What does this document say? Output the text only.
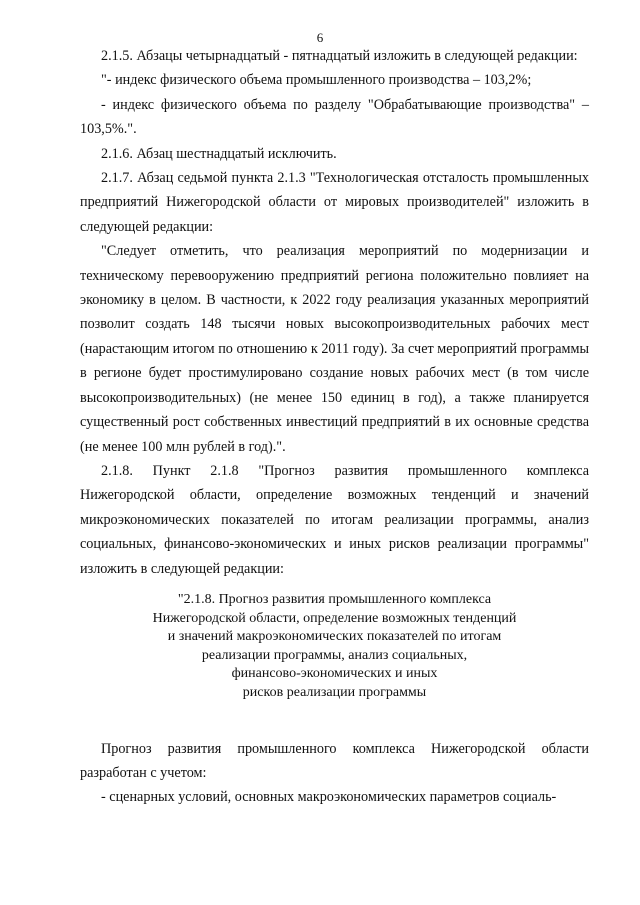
6

2.1.5. Абзацы четырнадцатый - пятнадцатый изложить в следующей редакции:

"- индекс физического объема промышленного производства – 103,2%;

- индекс физического объема по разделу "Обрабатывающие производства" – 103,5%.".

2.1.6. Абзац шестнадцатый исключить.

2.1.7. Абзац седьмой пункта 2.1.3 "Технологическая отсталость промышленных предприятий Нижегородской области от мировых производителей" изложить в следующей редакции:

"Следует отметить, что реализация мероприятий по модернизации и техническому перевооружению предприятий региона положительно повлияет на экономику в целом. В частности, к 2022 году реализация указанных мероприятий позволит создать 148 тысячи новых высокопроизводительных рабочих мест (нарастающим итогом по отношению к 2011 году). За счет мероприятий программы в регионе будет простимулировано создание новых рабочих мест (в том числе высокопроизводительных) (не менее 150 единиц в год), а также планируется существенный рост собственных инвестиций предприятий в их основные средства (не менее 100 млн рублей в год).".

2.1.8. Пункт 2.1.8 "Прогноз развития промышленного комплекса Нижегородской области, определение возможных тенденций и значений микроэкономических показателей по итогам реализации программы, анализ социальных, финансово-экономических и иных рисков реализации программы" изложить в следующей редакции:

"2.1.8. Прогноз развития промышленного комплекса
Нижегородской области, определение возможных тенденций
и значений макроэкономических показателей по итогам
реализации программы, анализ социальных,
финансово-экономических и иных
рисков реализации программы

Прогноз развития промышленного комплекса Нижегородской области разработан с учетом:

- сценарных условий, основных макроэкономических параметров социаль-
